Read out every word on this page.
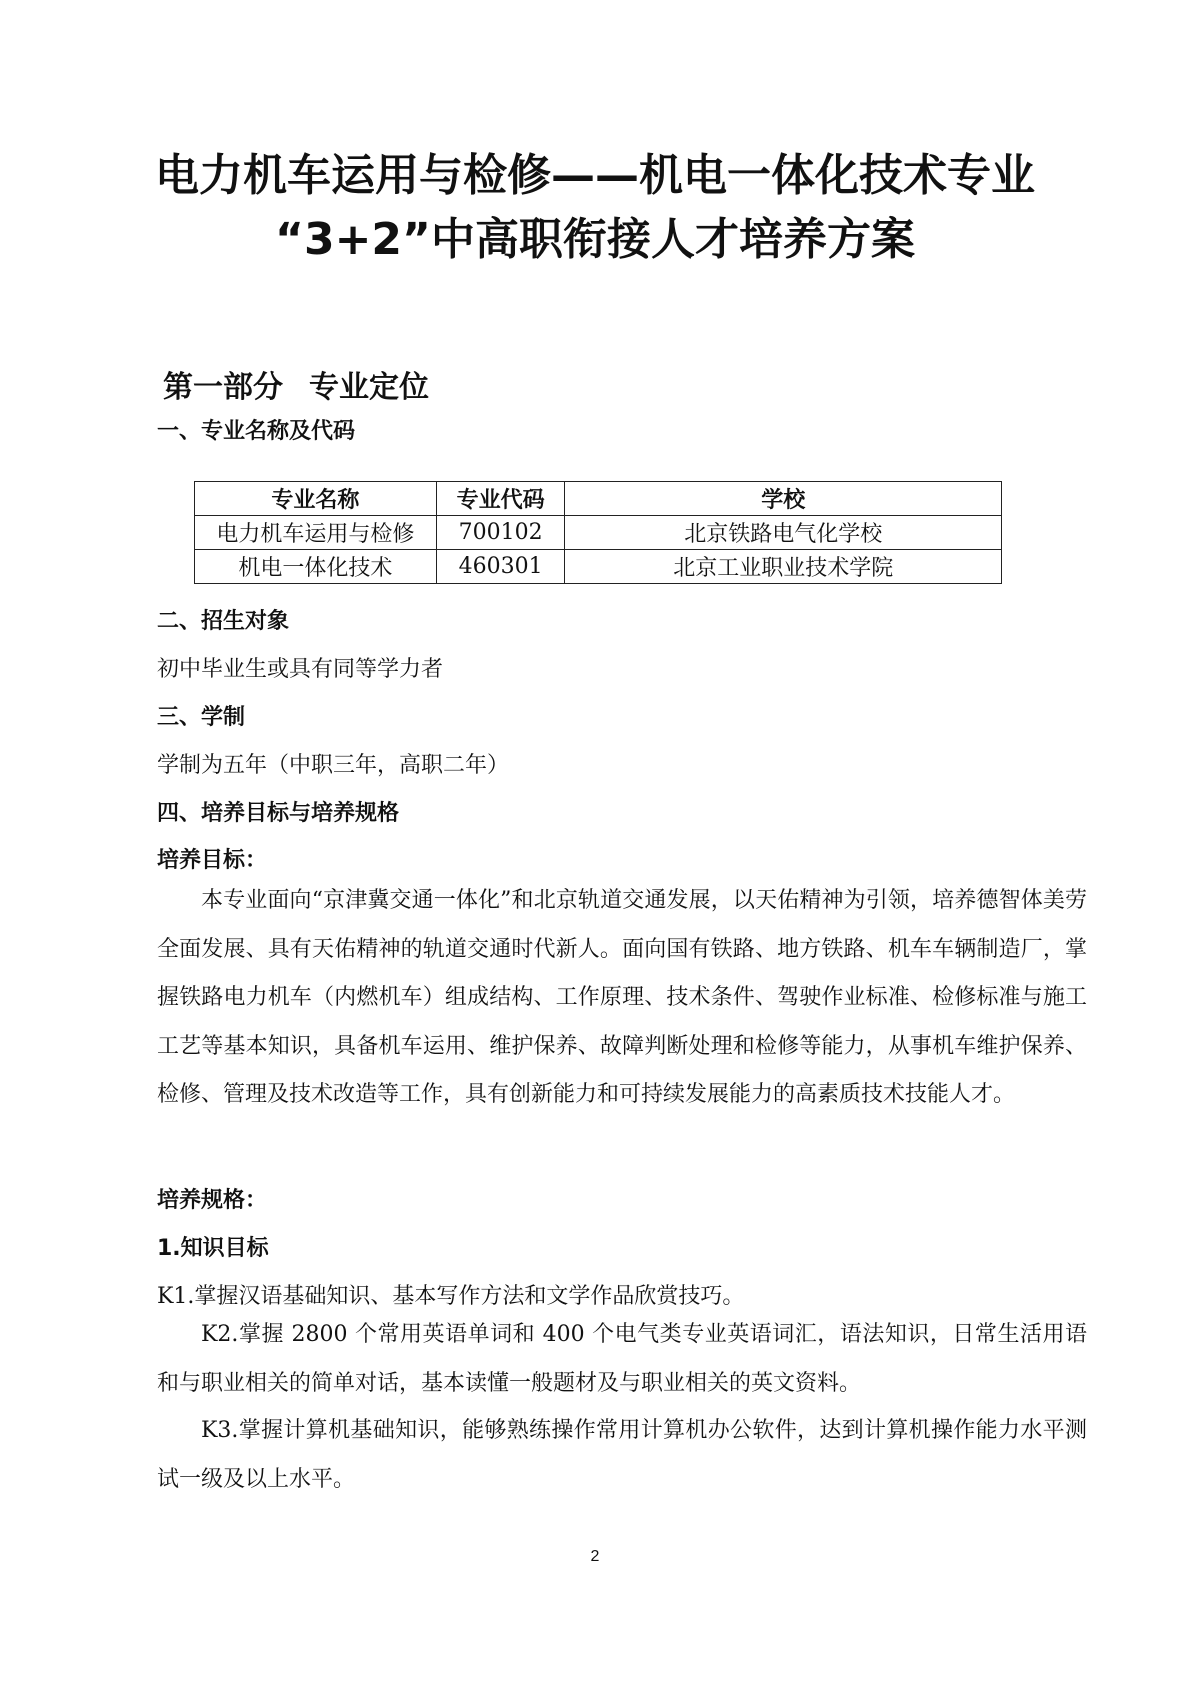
电力机车运用与检修——机电一体化技术专业
“3+2”中高职衔接人才培养方案
第一部分 专业定位
一、专业名称及代码
专业名称	专业代码	学校
电力机车运用与检修	700102	北京铁路电气化学校
机电一体化技术	460301	北京工业职业技术学院
二、招生对象

初中毕业生或具有同等学力者

三、学制

学制为五年（中职三年，高职二年）

四、培养目标与培养规格
培养目标：

本专业面向“京津冀交通一体化”和北京轨道交通发展，以天佑精神为引领，培养德智体美劳全面发展、具有天佑精神的轨道交通时代新人。面向国有铁路、地方铁路、机车车辆制造厂，掌握铁路电力机车（内燃机车）组成结构、工作原理、技术条件、驾驶作业标准、检修标准与施工工艺等基本知识，具备机车运用、维护保养、故障判断处理和检修等能力，从事机车维护保养、检修、管理及技术改造等工作，具有创新能力和可持续发展能力的高素质技术技能人才。

培养规格：
1.知识目标

K1.掌握汉语基础知识、基本写作方法和文学作品欣赏技巧。

K2.掌握 2800 个常用英语单词和 400 个电气类专业英语词汇，语法知识，日常生活用语和与职业相关的简单对话，基本读懂一般题材及与职业相关的英文资料。

K3.掌握计算机基础知识，能够熟练操作常用计算机办公软件，达到计算机操作能力水平测试一级及以上水平。

2
